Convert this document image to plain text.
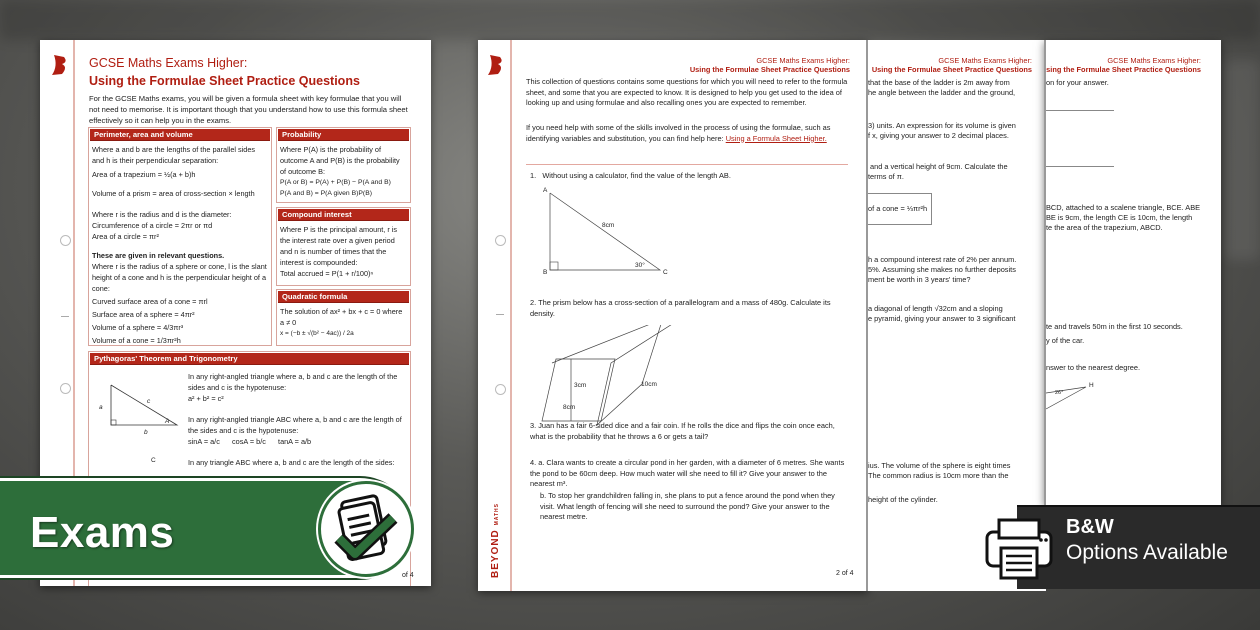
GCSE Maths Exams Higher:
Using the Formulae Sheet Practice Questions
For the GCSE Maths exams, you will be given a formula sheet with key formulae that you will not need to memorise. It is important though that you understand how to use this formula sheet effectively so it can help you in the exams.
Perimeter, area and volume
Where a and b are the lengths of the parallel sides and h is their perpendicular separation:
Area of a trapezium = ½(a + b)h
Volume of a prism = area of cross-section × length
Where r is the radius and d is the diameter:
Circumference of a circle = 2πr or πd
Area of a circle = πr²
These are given in relevant questions.
Where r is the radius of a sphere or cone, l is the slant height of a cone and h is the perpendicular height of a cone:
Curved surface area of a cone = πrl
Surface area of a sphere = 4πr²
Volume of a sphere = 4/3πr³
Volume of a cone = 1/3πr²h
Probability
Where P(A) is the probability of outcome A and P(B) is the probability of outcome B:
P(A or B) = P(A) + P(B) − P(A and B)
P(A and B) = P(A given B)P(B)
Compound interest
Where P is the principal amount, r is the interest rate over a given period and n is number of times that the interest is compounded:
Total accrued = P(1 + r/100)ⁿ
Quadratic formula
The solution of ax² + bx + c = 0 where a ≠ 0
x = (−b ± √(b² − 4ac)) / 2a
Pythagoras' Theorem and Trigonometry
a
b
c
A
C
In any right-angled triangle where a, b and c are the length of the sides and c is the hypotenuse:
a² + b² = c²
In any right-angled triangle ABC where a, b and c are the length of the sides and c is the hypotenuse:
sinA = a/c      cosA = b/c      tanA = a/b
In any triangle ABC where a, b and c are the length of the sides:
of 4
GCSE Maths Exams Higher:
Using the Formulae Sheet Practice Questions
This collection of questions contains some questions for which you will need to refer to the formula sheet, and some that you are expected to know. It is designed to help you get used to the idea of looking up and using formulae and also recalling ones you are expected to remember.
If you need help with some of the skills involved in the process of using the formulae, such as identifying variables and substitution, you can find help here: Using a Formula Sheet Higher.
1.   Without using a calculator, find the value of the length AB.
A
B	C
8cm
30°
2. The prism below has a cross-section of a parallelogram and a mass of 480g. Calculate its density.
3cm	10cm
8cm
3. Juan has a fair 6-sided dice and a fair coin. If he rolls the dice and flips the coin once each, what is the probability that he throws a 6 or gets a tail?
4. a. Clara wants to create a circular pond in her garden, with a diameter of 6 metres. She wants the pond to be 60cm deep. How much water will she need to fill it? Give your answer to the nearest m³.
b. To stop her grandchildren falling in, she plans to put a fence around the pond when they visit. What length of fencing will she need to surround the pond? Give your answer to the nearest metre.
BEYOND MATHS
2 of 4
GCSE Maths Exams Higher:
Using the Formulae Sheet Practice Questions
that the base of the ladder is 2m away from
he angle between the ladder and the ground,
3) units. An expression for its volume is given
f x, giving your answer to 2 decimal places.
and a vertical height of 9cm. Calculate the
terms of π.
of a cone = ⅓πr²h
h a compound interest rate of 2% per annum.
5%. Assuming she makes no further deposits
ment be worth in 3 years' time?
a diagonal of length √32cm and a sloping
e pyramid, giving your answer to 3 significant
ius. The volume of the sphere is eight times
The common radius is 10cm more than the
height of the cylinder.
GCSE Maths Exams Higher:
sing the Formulae Sheet Practice Questions
on for your answer.
BCD, attached to a scalene triangle, BCE. ABE
BE is 9cm, the length CE is 10cm, the length
te the area of the trapezium, ABCD.
te and travels 50m in the first 10 seconds.
y of the car.
nswer to the nearest degree.
H
26°
Exams	B&W
Options Available
